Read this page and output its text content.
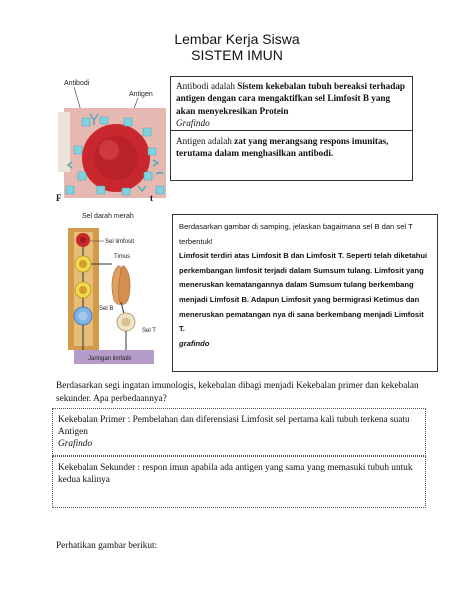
Lembar Kerja Siswa
SISTEM IMUN
Antibodi
Antigen
Antibodi adalah Sistem kekebalan tubuh bereaksi terhadap antigen dengan cara mengaktifkan sel Limfosit B yang akan menyekresikan Protein
Grafindo
Antigen adalah zat yang merangsang respons imunitas, terutama dalam menghasilkan antibodi.
F	t
Sel darah merah
Sel limfosit
Timus
Sel B
Sel T
Jaringan limfatik
Berdasarkan gambar di samping, jelaskan bagaimana sel B dan sel T
terbentuk!
Limfosit terdiri atas Limfosit B dan Limfosit T. Seperti telah diketahui perkembangan limfosit terjadi dalam Sumsum tulang. Limfosit yang meneruskan kematangannya dalam Sumsum tulang berkembang menjadi Limfosit B. Adapun Limfosit yang bermigrasi Ketimus dan meneruskan pematangan nya di sana berkembang menjadi Limfosit T.
grafindo
Berdasarkan segi ingatan imunologis, kekebalan dibagi menjadi Kekebalan primer dan kekebalan sekunder. Apa perbedaannya?
Kekebalan Primer : Pembelahan dan diferensiasi Limfosit sel pertama kali tubuh terkena suatu Antigen
Grafindo
Kekebalan Sekunder : respon imun apabila ada antigen yang sama yang memasuki tubuh untuk kedua kalinya
Perhatikan gambar berikut:
